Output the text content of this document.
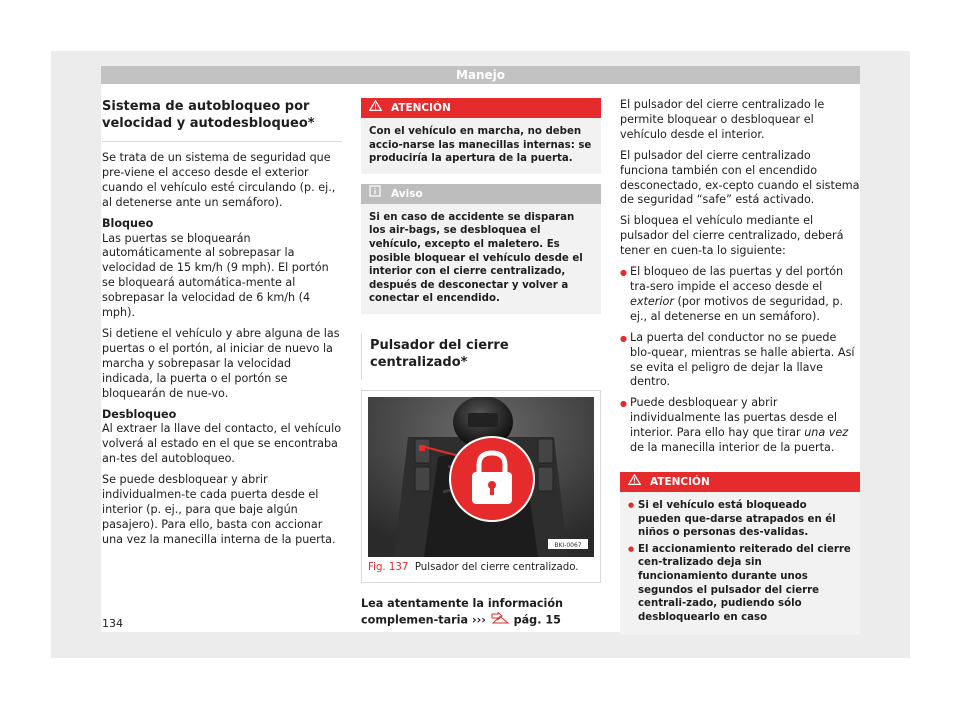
Manejo
Sistema de autobloqueo por velocidad y autodesbloqueo*

Se trata de un sistema de seguridad que pre-viene el acceso desde el exterior cuando el vehículo esté circulando (p. ej., al detenerse ante un semáforo).

Bloqueo

Las puertas se bloquearán automáticamente al sobrepasar la velocidad de 15 km/h (9 mph). El portón se bloqueará automática-mente al sobrepasar la velocidad de 6 km/h (4 mph).

Si detiene el vehículo y abre alguna de las puertas o el portón, al iniciar de nuevo la marcha y sobrepasar la velocidad indicada, la puerta o el portón se bloquearán de nue-vo.

Desbloqueo

Al extraer la llave del contacto, el vehículo volverá al estado en el que se encontraba an-tes del autobloqueo.

Se puede desbloquear y abrir individualmen-te cada puerta desde el interior (p. ej., para que baje algún pasajero). Para ello, basta con accionar una vez la manecilla interna de la puerta.

ATENCIÓN
Con el vehículo en marcha, no deben accio-narse las manecillas internas: se produciría la apertura de la puerta.
Aviso
Si en caso de accidente se disparan los air-bags, se desbloquea el vehículo, excepto el maletero. Es posible bloquear el vehículo desde el interior con el cierre centralizado, después de desconectar y volver a conectar el encendido.
Pulsador del cierre centralizado*
BKI-0067
Fig. 137 Pulsador del cierre centralizado.

Lea atentamente la información complemen-taria ››› pág. 15

El pulsador del cierre centralizado le permite bloquear o desbloquear el vehículo desde el interior.

El pulsador del cierre centralizado funciona también con el encendido desconectado, ex-cepto cuando el sistema de seguridad “safe” está activado.

Si bloquea el vehículo mediante el pulsador del cierre centralizado, deberá tener en cuen-ta lo siguiente:

● El bloqueo de las puertas y del portón tra-sero impide el acceso desde el exterior (por motivos de seguridad, p. ej., al detenerse en un semáforo).
● La puerta del conductor no se puede blo-quear, mientras se halle abierta. Así se evita el peligro de dejar la llave dentro.
● Puede desbloquear y abrir individualmente las puertas desde el interior. Para ello hay que tirar una vez de la manecilla interior de la puerta.
ATENCIÓN
● Si el vehículo está bloqueado pueden que-darse atrapados en él niños o personas des-validas.
● El accionamiento reiterado del cierre cen-tralizado deja sin funcionamiento durante unos segundos el pulsador del cierre centrali-zado, pudiendo sólo desbloquearlo en caso
134
